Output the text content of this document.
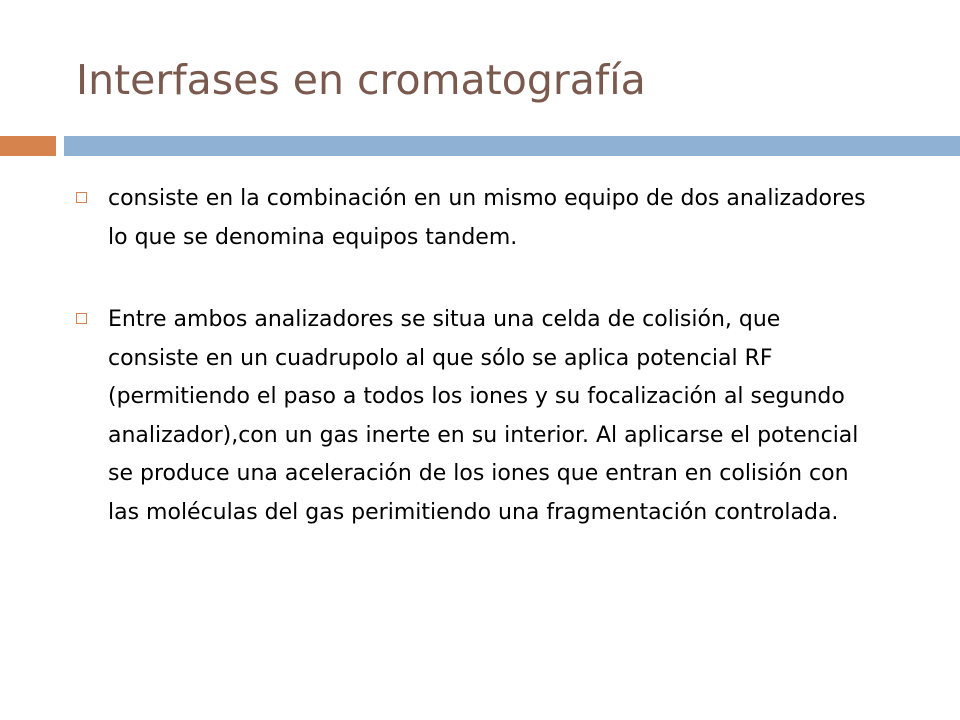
Interfases en cromatografía
consiste en la combinación en un mismo equipo de dos analizadores lo que se denomina equipos tandem.
Entre ambos analizadores se situa una celda de colisión, que consiste en un cuadrupolo al que sólo se aplica potencial RF (permitiendo el paso a todos los iones y su focalización al segundo analizador),con un gas inerte en su interior. Al aplicarse el potencial se produce una aceleración de los iones que entran en colisión con las moléculas del gas perimitiendo una fragmentación controlada.
